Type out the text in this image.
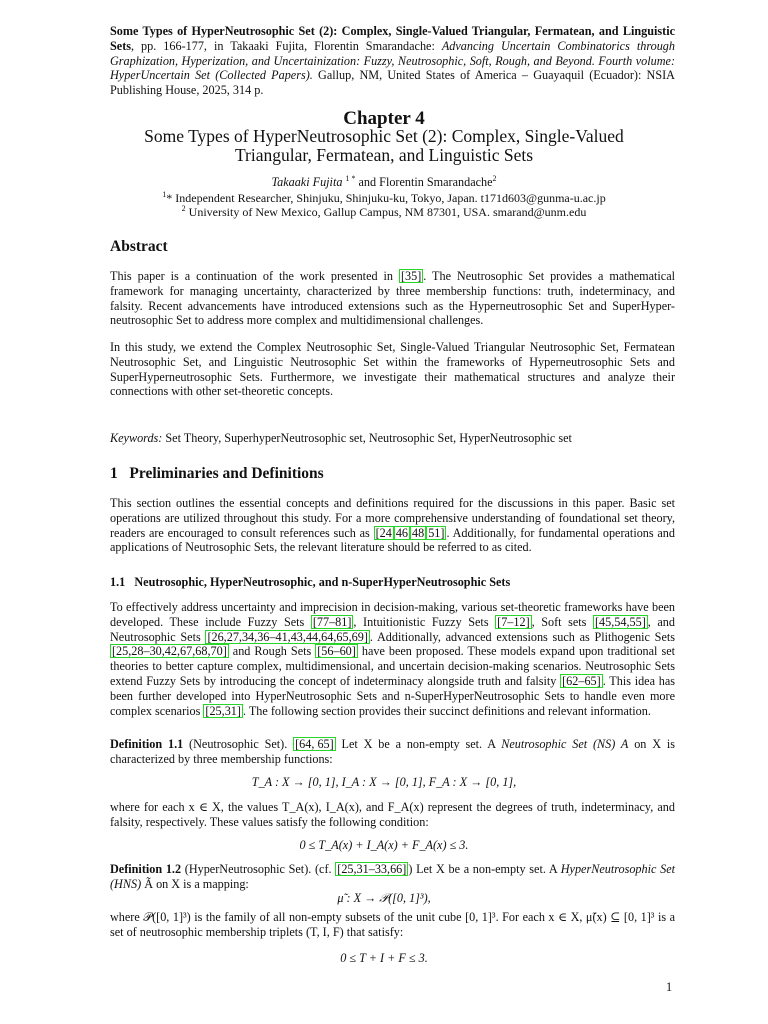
Some Types of HyperNeutrosophic Set (2): Complex, Single-Valued Triangular, Fermatean, and Linguistic Sets, pp. 166-177, in Takaaki Fujita, Florentin Smarandache: Advancing Uncertain Combinatorics through Graphization, Hyperization, and Uncertainization: Fuzzy, Neutrosophic, Soft, Rough, and Beyond. Fourth volume: HyperUncertain Set (Collected Papers). Gallup, NM, United States of America – Guayaquil (Ecuador): NSIA Publishing House, 2025, 314 p.

Chapter 4
Some Types of HyperNeutrosophic Set (2): Complex, Single-Valued
Triangular, Fermatean, and Linguistic Sets
Takaaki Fujita $^{1 *}$ and Florentin Smarandache$^2$
$^1$* Independent Researcher, Shinjuku, Shinjuku-ku, Tokyo, Japan. t171d603@gunma-u.ac.jp
$^2$ University of New Mexico, Gallup Campus, NM 87301, USA. smarand@unm.edu
Abstract

This paper is a continuation of the work presented in [35] . The Neutrosophic Set provides a mathematical framework for managing uncertainty, characterized by three membership functions: truth, indeterminacy, and falsity. Recent advancements have introduced extensions such as the Hyperneutrosophic Set and SuperHyper-neutrosophic Set to address more complex and multidimensional challenges.

In this study, we extend the Complex Neutrosophic Set, Single-Valued Triangular Neutrosophic Set, Fermatean Neutrosophic Set, and Linguistic Neutrosophic Set within the frameworks of Hyperneutrosophic Sets and SuperHyperneutrosophic Sets. Furthermore, we investigate their mathematical structures and analyze their connections with other set-theoretic concepts.

Keywords: Set Theory, SuperhyperNeutrosophic set, Neutrosophic Set, HyperNeutrosophic set

1   Preliminaries and Definitions

This section outlines the essential concepts and definitions required for the discussions in this paper. Basic set operations are utilized throughout this study. For a more comprehensive understanding of foundational set theory, readers are encouraged to consult references such as [24 46 48 51] . Additionally, for fundamental operations and applications of Neutrosophic Sets, the relevant literature should be referred to as cited.

1.1   Neutrosophic, HyperNeutrosophic, and n-SuperHyperNeutrosophic Sets

To effectively address uncertainty and imprecision in decision-making, various set-theoretic frameworks have been developed. These include Fuzzy Sets [77–81] , Intuitionistic Fuzzy Sets [7–12] , Soft sets [45,54,55] , and Neutrosophic Sets [26,27,34,36–41,43,44,64,65,69] . Additionally, advanced extensions such as Plithogenic Sets [25,28–30,42,67,68,70] and Rough Sets [56–60] have been proposed. These models expand upon traditional set theories to better capture complex, multidimensional, and uncertain decision-making scenarios. Neutrosophic Sets extend Fuzzy Sets by introducing the concept of indeterminacy alongside truth and falsity [62–65] . This idea has been further developed into HyperNeutrosophic Sets and n-SuperHyperNeutrosophic Sets to handle even more complex scenarios [25,31] . The following section provides their succinct definitions and relevant information.

Definition 1.1 (Neutrosophic Set). [64, 65] Let X be a non-empty set. A Neutrosophic Set (NS) A on X is characterized by three membership functions:

T_A : X → [0, 1], I_A : X → [0, 1], F_A : X → [0, 1],

where for each x ∈ X, the values T_A(x), I_A(x), and F_A(x) represent the degrees of truth, indeterminacy, and falsity, respectively. These values satisfy the following condition:

0 ≤ T_A(x) + I_A(x) + F_A(x) ≤ 3.

Definition 1.2 (HyperNeutrosophic Set). (cf. [25,31–33,66] ) Let X be a non-empty set. A HyperNeutrosophic Set (HNS) Ã on X is a mapping:

μ̃ : X → 𝒫([0, 1]³),

where 𝒫([0, 1]³) is the family of all non-empty subsets of the unit cube [0, 1]³. For each x ∈ X, μ̃(x) ⊆ [0, 1]³ is a set of neutrosophic membership triplets (T, I, F) that satisfy:

0 ≤ T + I + F ≤ 3.
1
